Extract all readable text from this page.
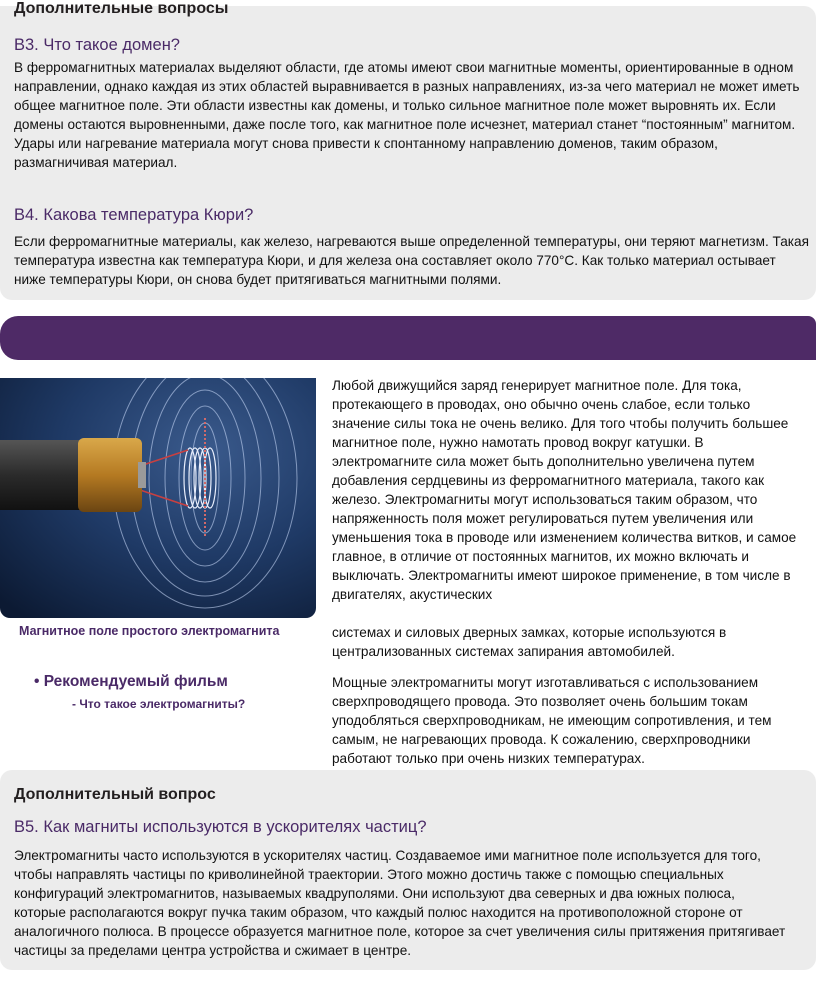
Дополнительные вопросы
В3. Что такое домен?

В ферромагнитных материалах выделяют области, где атомы имеют свои магнитные моменты, ориентированные в одном направлении, однако каждая из этих областей выравнивается в разных направлениях, из-за чего материал не может иметь общее магнитное поле. Эти области известны как домены, и только сильное магнитное поле может выровнять их. Если домены остаются выровненными, даже после того, как магнитное поле исчезнет, материал станет “постоянным” магнитом. Удары или нагревание материала могут снова привести к спонтанному направлению доменов, таким образом, размагничивая материал.

В4. Какова температура Кюри?

Если ферромагнитные материалы, как железо, нагреваются выше определенной температуры, они теряют магнетизм. Такая температура известна как температура Кюри, и для железа она составляет около 770°С. Как только материал остывает ниже температуры Кюри, он снова будет притягиваться магнитными полями.

Магнитное поле простого электромагнита

Любой движущийся заряд генерирует магнитное поле. Для тока, протекающего в проводах, оно обычно очень слабое, если только значение силы тока не очень велико. Для того чтобы получить большее магнитное поле, нужно намотать провод вокруг катушки. В электромагните сила может быть дополнительно увеличена путем добавления сердцевины из ферромагнитного материала, такого как железо. Электромагниты могут использоваться таким образом, что напряженность поля может регулироваться путем увеличения или уменьшения тока в проводе или изменением количества витков, и самое главное, в отличие от постоянных магнитов, их можно включать и выключать. Электромагниты имеют широкое применение, в том числе в двигателях, акустических

системах и силовых дверных замках, которые используются в централизованных системах запирания автомобилей.

Мощные электромагниты могут изготавливаться с использованием сверхпроводящего провода. Это позволяет очень большим токам уподобляться сверхпроводникам, не имеющим сопротивления, и тем самым, не нагревающих провода. К сожалению, сверхпроводники работают только при очень низких температурах.

• Рекомендуемый фильм
- Что такое электромагниты?
Дополнительный вопрос
В5. Как магниты используются в ускорителях частиц?

Электромагниты часто используются в ускорителях частиц. Создаваемое ими магнитное поле используется для того, чтобы направлять частицы по криволинейной траектории. Этого можно достичь также с помощью специальных конфигураций электромагнитов, называемых квадруполями. Они используют два северных и два южных полюса, которые располагаются вокруг пучка таким образом, что каждый полюс находится на противоположной стороне от аналогичного полюса. В процессе образуется магнитное поле, которое за счет увеличения силы притяжения притягивает частицы за пределами центра устройства и сжимает в центре.
